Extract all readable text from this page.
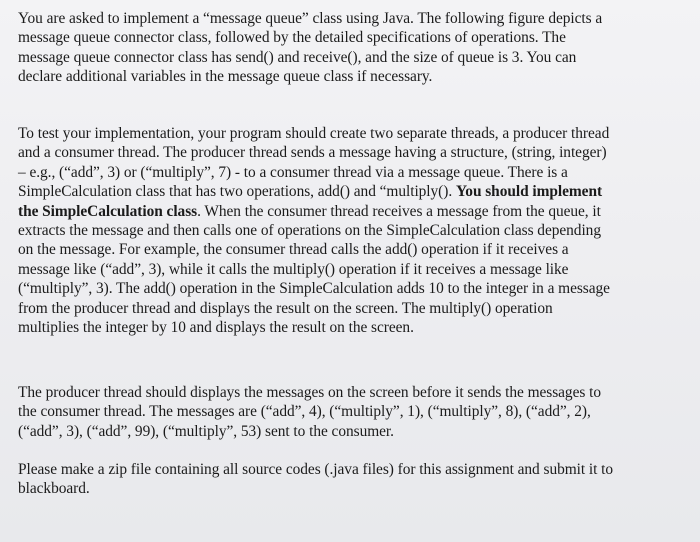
You are asked to implement a “message queue” class using Java. The following figure depicts a
message queue connector class, followed by the detailed specifications of operations. The
message queue connector class has send() and receive(), and the size of queue is 3. You can
declare additional variables in the message queue class if necessary.
To test your implementation, your program should create two separate threads, a producer thread
and a consumer thread. The producer thread sends a message having a structure, (string, integer)
– e.g., (“add”, 3) or (“multiply”, 7) - to a consumer thread via a message queue. There is a
SimpleCalculation class that has two operations, add() and “multiply(). You should implement
the SimpleCalculation class. When the consumer thread receives a message from the queue, it
extracts the message and then calls one of operations on the SimpleCalculation class depending
on the message. For example, the consumer thread calls the add() operation if it receives a
message like (“add”, 3), while it calls the multiply() operation if it receives a message like
(“multiply”, 3). The add() operation in the SimpleCalculation adds 10 to the integer in a message
from the producer thread and displays the result on the screen. The multiply() operation
multiplies the integer by 10 and displays the result on the screen.
The producer thread should displays the messages on the screen before it sends the messages to
the consumer thread. The messages are (“add”, 4), (“multiply”, 1), (“multiply”, 8), (“add”, 2),
(“add”, 3), (“add”, 99), (“multiply”, 53) sent to the consumer.
Please make a zip file containing all source codes (.java files) for this assignment and submit it to
blackboard.
